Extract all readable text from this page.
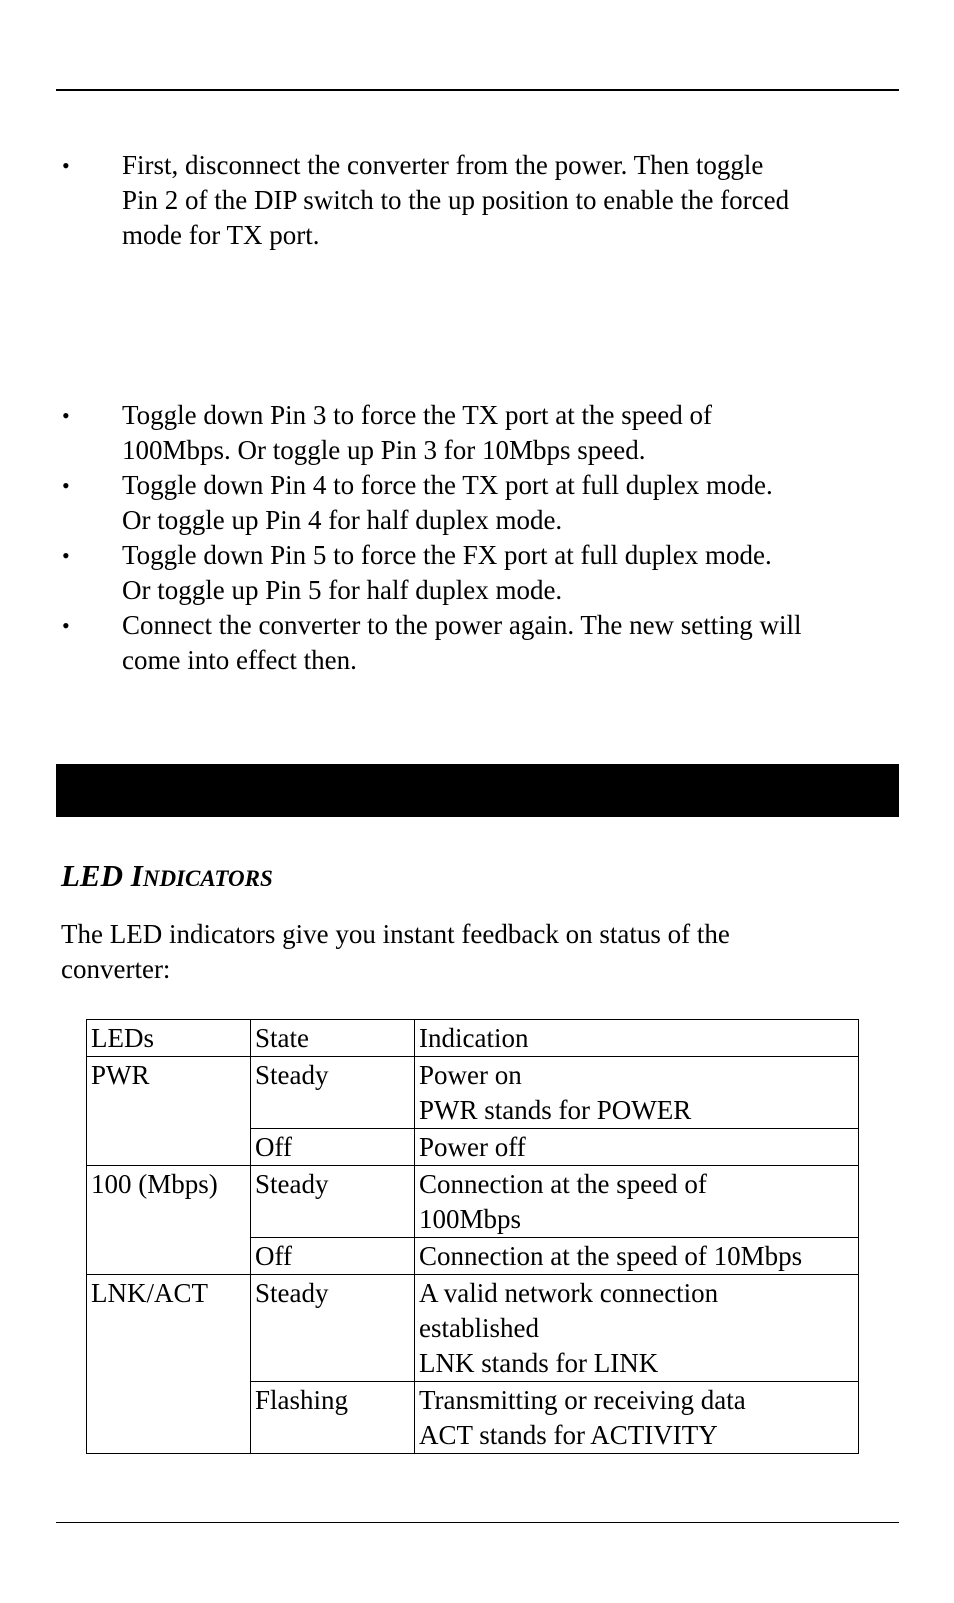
• First, disconnect the converter from the power. Then toggle
Pin 2 of the DIP switch to the up position to enable the forced
mode for TX port.
• Toggle down Pin 3 to force the TX port at the speed of
100Mbps. Or toggle up Pin 3 for 10Mbps speed.
• Toggle down Pin 4 to force the TX port at full duplex mode.
Or toggle up Pin 4 for half duplex mode.
• Toggle down Pin 5 to force the FX port at full duplex mode.
Or toggle up Pin 5 for half duplex mode.
• Connect the converter to the power again. The new setting will
come into effect then.
LED INDICATORS

The LED indicators give you instant feedback on status of the
converter:

LEDs	State	Indication
PWR	Steady	Power on
PWR stands for POWER

	Off	Power off

100 (Mbps)	Steady	Connection at the speed of
100Mbps

	Off	Connection at the speed of 10Mbps

LNK/ACT	Steady	A valid network connection
established
LNK stands for LINK

	Flashing	Transmitting or receiving data
ACT stands for ACTIVITY
